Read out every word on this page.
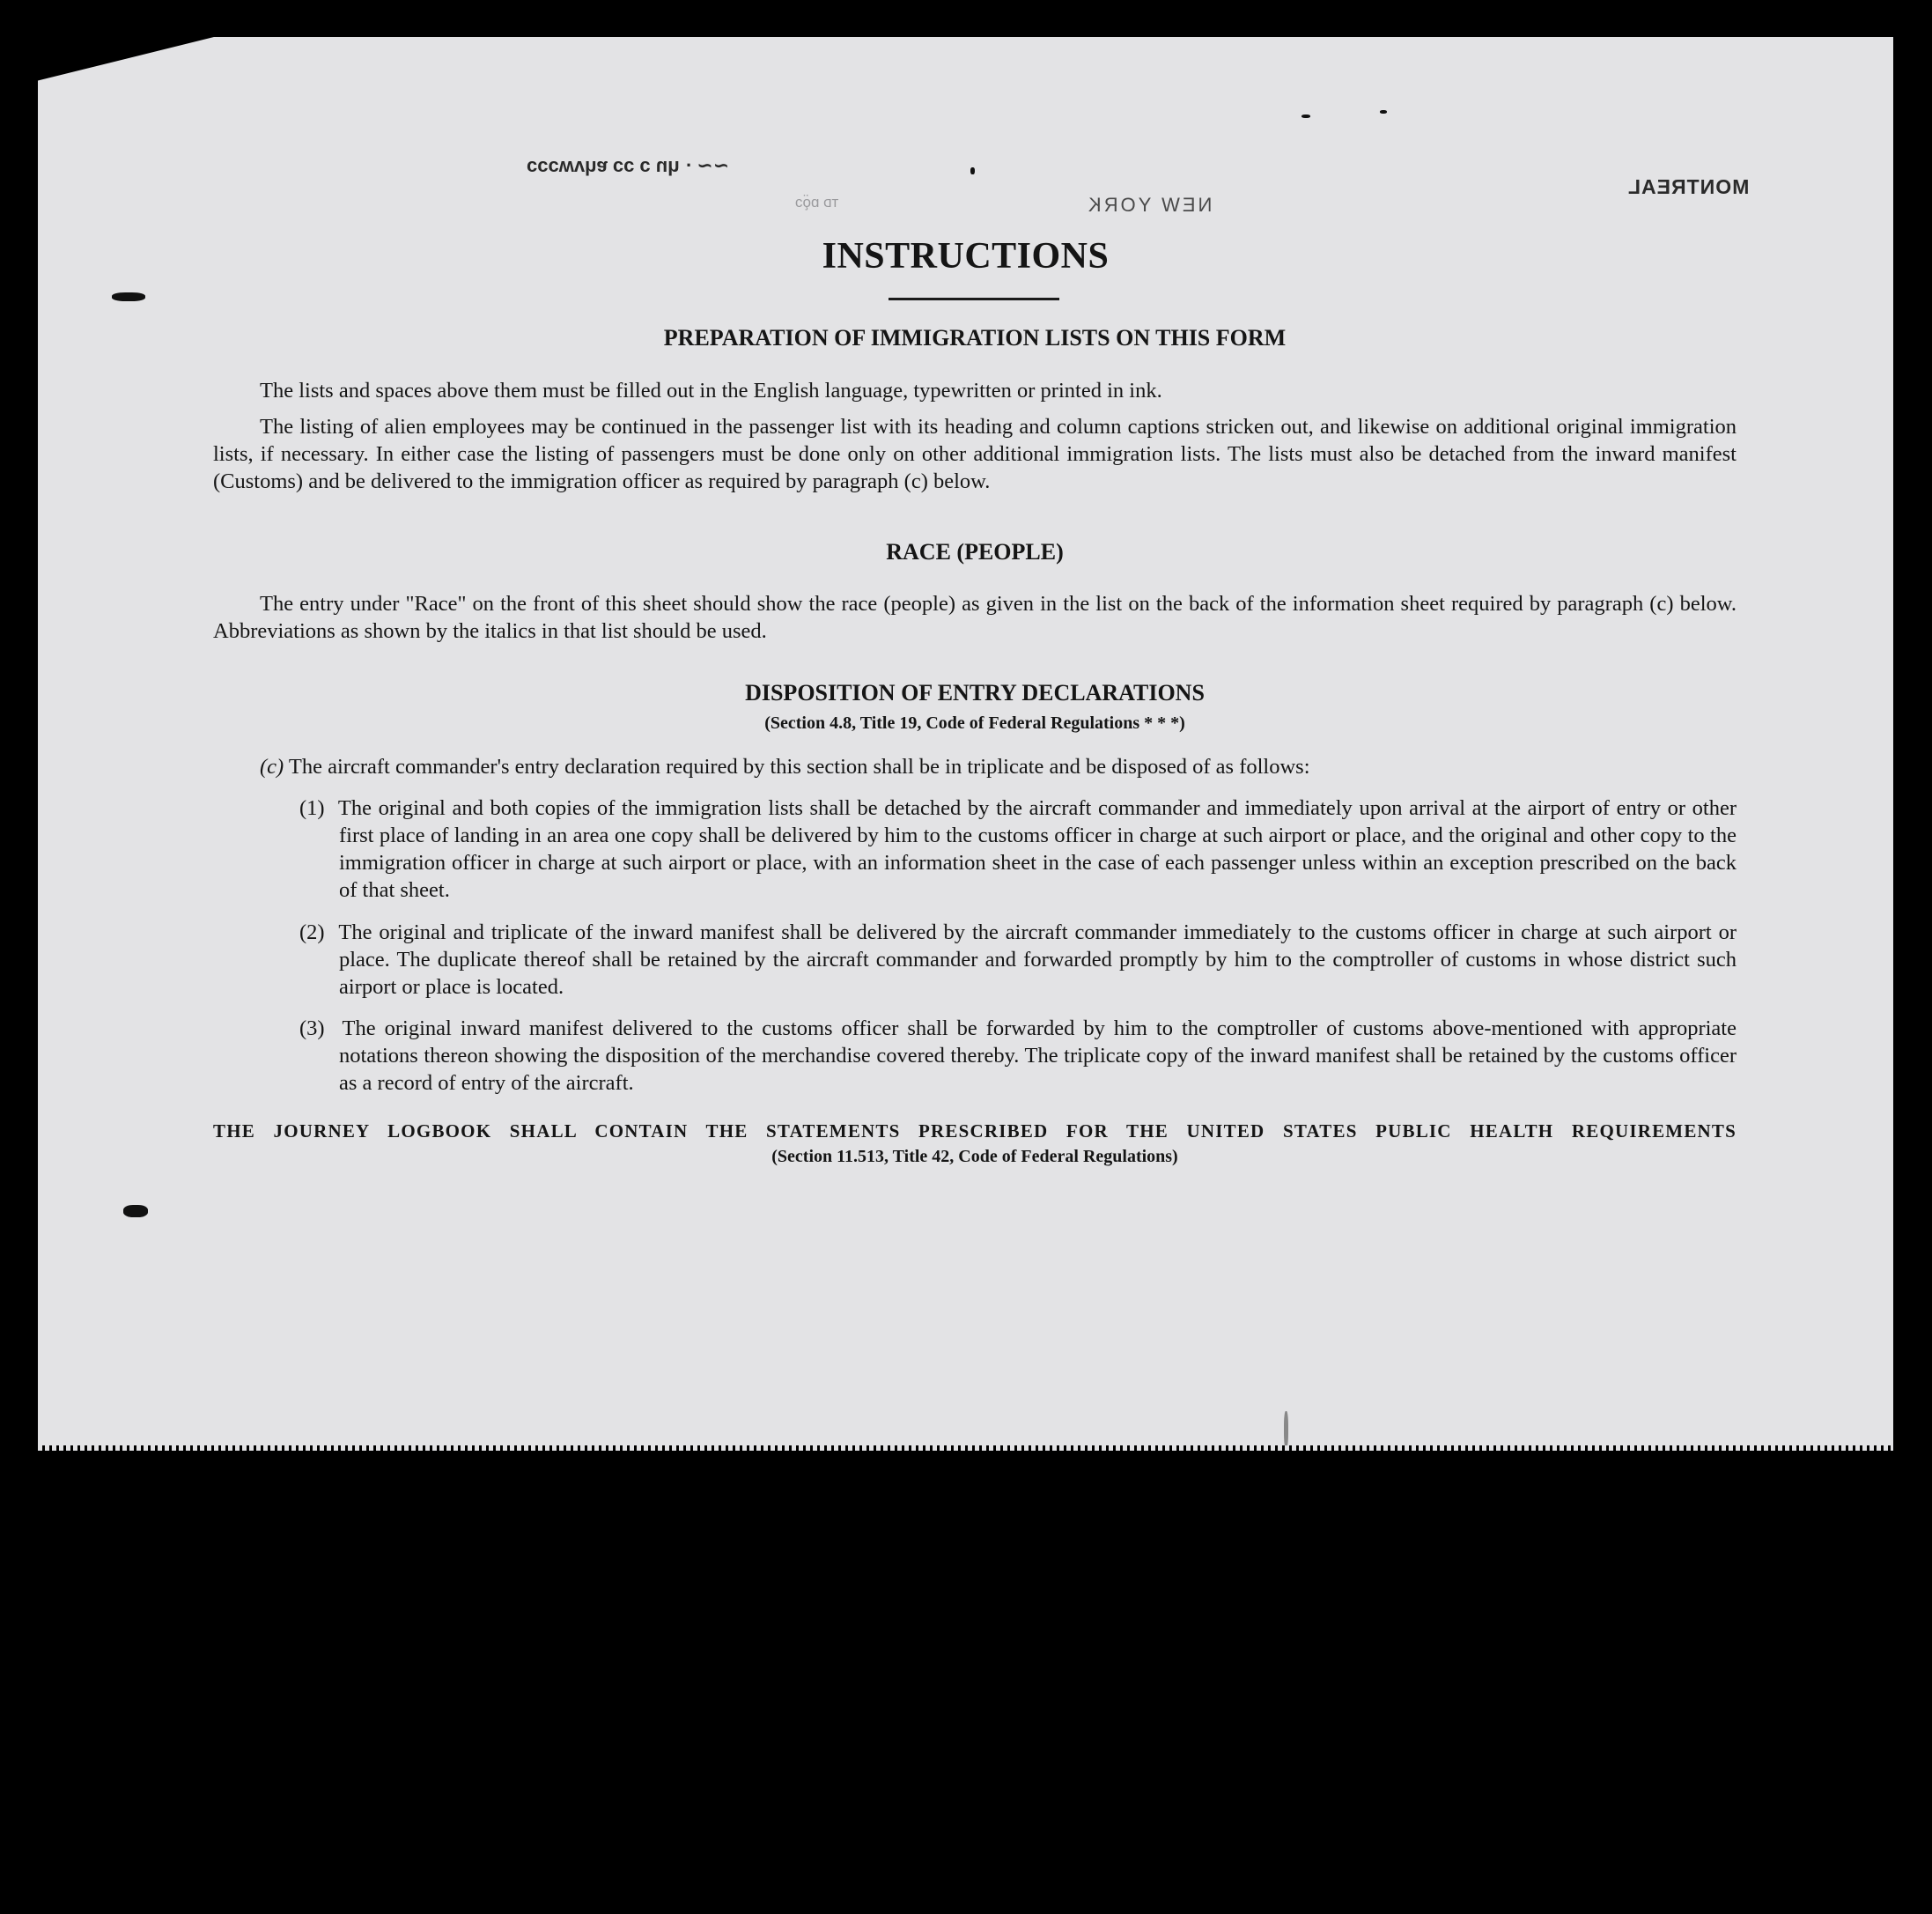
∼∼ · ɥn ɔ ɔɔ ɐɥʌʍɔɔɔ
ᴛᴅ ɒǫ̈ɔ	NEW YORK
MONTREAL
INSTRUCTIONS
PREPARATION OF IMMIGRATION LISTS ON THIS FORM
The lists and spaces above them must be filled out in the English language, typewritten or printed in ink.
The listing of alien employees may be continued in the passenger list with its heading and column captions stricken out, and likewise on additional original immigration lists, if necessary. In either case the listing of passengers must be done only on other additional immigration lists. The lists must also be detached from the inward manifest (Customs) and be delivered to the immigration officer as required by paragraph (c) below.
RACE (PEOPLE)
The entry under "Race" on the front of this sheet should show the race (people) as given in the list on the back of the information sheet required by paragraph (c) below. Abbreviations as shown by the italics in that list should be used.
DISPOSITION OF ENTRY DECLARATIONS
(Section 4.8, Title 19, Code of Federal Regulations * * *)
(c) The aircraft commander's entry declaration required by this section shall be in triplicate and be disposed of as follows:
(1) The original and both copies of the immigration lists shall be detached by the aircraft commander and immediately upon arrival at the airport of entry or other first place of landing in an area one copy shall be delivered by him to the customs officer in charge at such airport or place, and the original and other copy to the immigration officer in charge at such airport or place, with an information sheet in the case of each passenger unless within an exception prescribed on the back of that sheet.
(2) The original and triplicate of the inward manifest shall be delivered by the aircraft commander immediately to the customs officer in charge at such airport or place. The duplicate thereof shall be retained by the aircraft commander and forwarded promptly by him to the comptroller of customs in whose district such airport or place is located.
(3) The original inward manifest delivered to the customs officer shall be forwarded by him to the comptroller of customs above-mentioned with appropriate notations thereon showing the disposition of the merchandise covered thereby. The triplicate copy of the inward manifest shall be retained by the customs officer as a record of entry of the aircraft.
THE JOURNEY LOGBOOK SHALL CONTAIN THE STATEMENTS PRESCRIBED FOR THE UNITED STATES PUBLIC HEALTH REQUIREMENTS
(Section 11.513, Title 42, Code of Federal Regulations)
